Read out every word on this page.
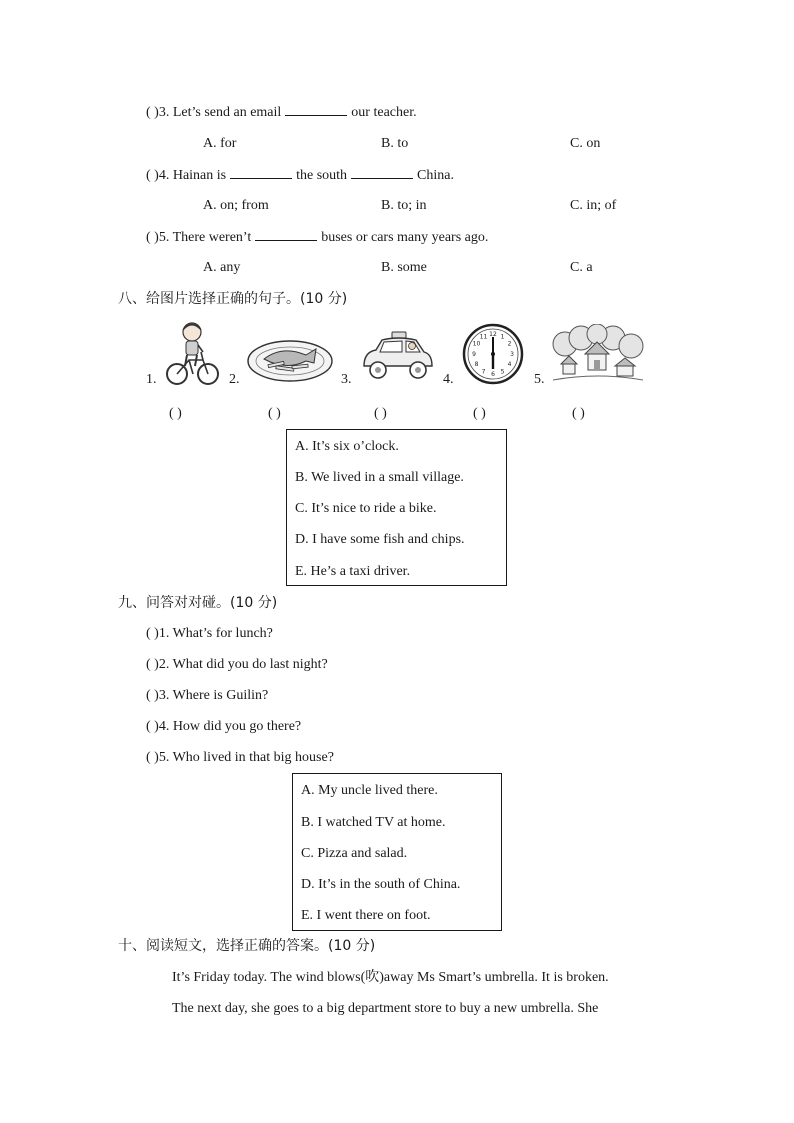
( )3. Let’s send an email	our teacher.
A. for	B. to	C. on
( )4. Hainan is	the south	China.
A. on; from	B. to; in	C. in; of
( )5. There weren’t	buses or cars many years ago.
A. any	B. some	C. a
八、给图片选择正确的句子。(10 分)
1.	2.	3.	4.	5.
12 1
2
3
4
5
6
7
8
9
10
11
( )	( )	( )	( )	( )
A. It’s six o’clock.
B. We lived in a small village.
C. It’s nice to ride a bike.
D. I have some fish and chips.
E. He’s a taxi driver.
九、问答对对碰。(10 分)
( )1. What’s for lunch?
( )2. What did you do last night?
( )3. Where is Guilin?
( )4. How did you go there?
( )5. Who lived in that big house?
A. My uncle lived there.
B. I watched TV at home.
C. Pizza and salad.
D. It’s in the south of China.
E. I went there on foot.
十、阅读短文，选择正确的答案。(10 分)
It’s Friday today. The wind blows(吹)away Ms Smart’s umbrella. It is broken.
The next day, she goes to a big department store to buy a new umbrella. She
